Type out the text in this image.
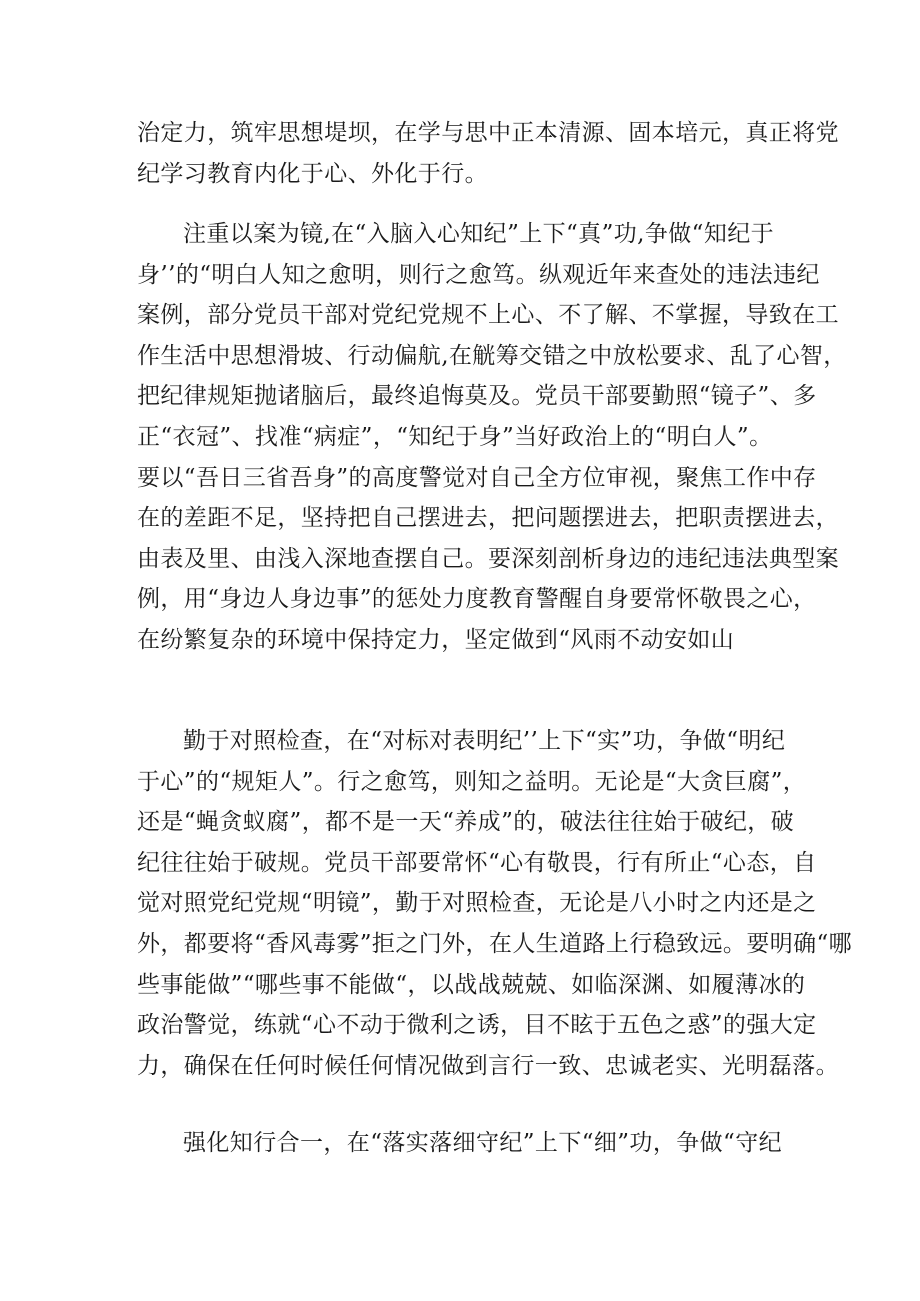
治定力，筑牢思想堤坝，在学与思中正本清源、固本培元，真正将党
纪学习教育内化于心、外化于行。

注重以案为镜,在“入脑入心知纪”上下“真”功,争做“知纪于
身’’的“明白人知之愈明，则行之愈笃。纵观近年来查处的违法违纪
案例，部分党员干部对党纪党规不上心、不了解、不掌握，导致在工
作生活中思想滑坡、行动偏航,在觥筹交错之中放松要求、乱了心智，
把纪律规矩抛诸脑后，最终追悔莫及。党员干部要勤照“镜子”、多
正“衣冠”、找准“病症”，“知纪于身”当好政治上的“明白人”。
要以“吾日三省吾身”的高度警觉对自己全方位审视，聚焦工作中存
在的差距不足，坚持把自己摆进去，把问题摆进去，把职责摆进去，
由表及里、由浅入深地查摆自己。要深刻剖析身边的违纪违法典型案
例，用“身边人身边事”的惩处力度教育警醒自身要常怀敬畏之心，
在纷繁复杂的环境中保持定力，坚定做到“风雨不动安如山

勤于对照检查，在“对标对表明纪’’上下“实”功，争做“明纪
于心”的“规矩人”。行之愈笃，则知之益明。无论是“大贪巨腐”，
还是“蝇贪蚁腐”，都不是一天“养成”的，破法往往始于破纪，破
纪往往始于破规。党员干部要常怀“心有敬畏，行有所止“心态，自
觉对照党纪党规“明镜”，勤于对照检查，无论是八小时之内还是之
外，都要将“香风毒雾”拒之门外，在人生道路上行稳致远。要明确“哪
些事能做”“哪些事不能做“，以战战兢兢、如临深渊、如履薄冰的
政治警觉，练就“心不动于微利之诱，目不眩于五色之惑”的强大定
力，确保在任何时候任何情况做到言行一致、忠诚老实、光明磊落。

强化知行合一，在“落实落细守纪”上下“细”功，争做“守纪
